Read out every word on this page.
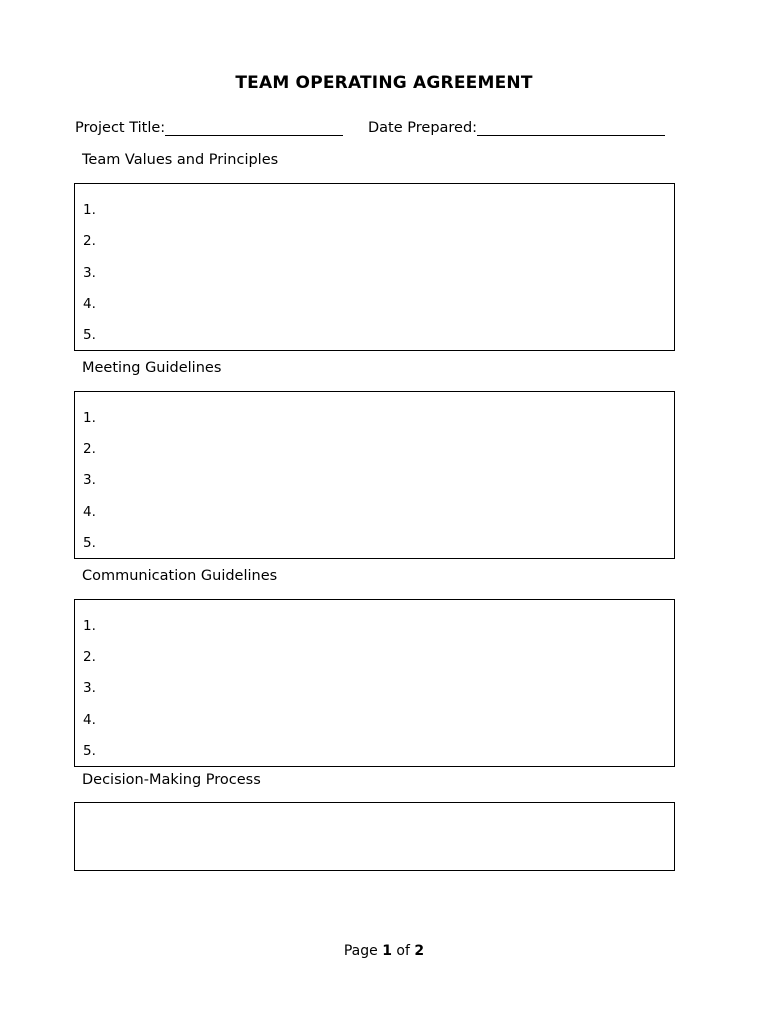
TEAM OPERATING AGREEMENT
Project Title:	Date Prepared:
Team Values and Principles
1.
2.
3.
4.
5.
Meeting Guidelines
1.
2.
3.
4.
5.
Communication Guidelines
1.
2.
3.
4.
5.
Decision-Making Process
Page 1 of 2
